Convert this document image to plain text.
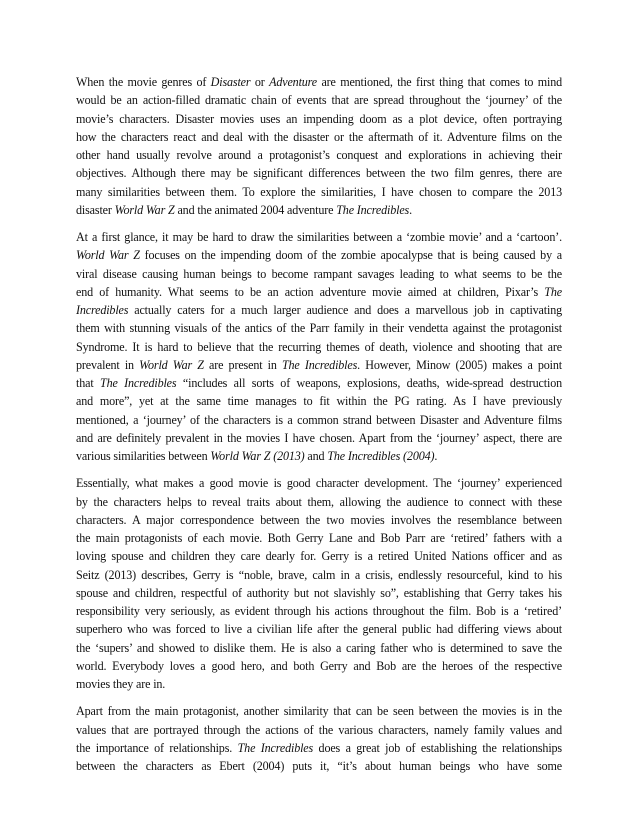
When the movie genres of Disaster or Adventure are mentioned, the first thing that comes to mind
would be an action-filled dramatic chain of events that are spread throughout the ‘journey’ of the
movie’s characters. Disaster movies uses an impending doom as a plot device, often portraying
how the characters react and deal with the disaster or the aftermath of it. Adventure films on the
other hand usually revolve around a protagonist’s conquest and explorations in achieving their
objectives. Although there may be significant differences between the two film genres, there are
many similarities between them. To explore the similarities, I have chosen to compare the 2013
disaster World War Z and the animated 2004 adventure The Incredibles.

At a first glance, it may be hard to draw the similarities between a ‘zombie movie’ and a ‘cartoon’.
World War Z focuses on the impending doom of the zombie apocalypse that is being caused by a
viral disease causing human beings to become rampant savages leading to what seems to be the
end of humanity. What seems to be an action adventure movie aimed at children, Pixar’s The
Incredibles actually caters for a much larger audience and does a marvellous job in captivating
them with stunning visuals of the antics of the Parr family in their vendetta against the protagonist
Syndrome. It is hard to believe that the recurring themes of death, violence and shooting that are
prevalent in World War Z are present in The Incredibles. However, Minow (2005) makes a point
that The Incredibles “includes all sorts of weapons, explosions, deaths, wide-spread destruction
and more”, yet at the same time manages to fit within the PG rating. As I have previously
mentioned, a ‘journey’ of the characters is a common strand between Disaster and Adventure films
and are definitely prevalent in the movies I have chosen. Apart from the ‘journey’ aspect, there are
various similarities between World War Z (2013) and The Incredibles (2004).

Essentially, what makes a good movie is good character development. The ‘journey’ experienced
by the characters helps to reveal traits about them, allowing the audience to connect with these
characters. A major correspondence between the two movies involves the resemblance between
the main protagonists of each movie. Both Gerry Lane and Bob Parr are ‘retired’ fathers with a
loving spouse and children they care dearly for. Gerry is a retired United Nations officer and as
Seitz (2013) describes, Gerry is “noble, brave, calm in a crisis, endlessly resourceful, kind to his
spouse and children, respectful of authority but not slavishly so”, establishing that Gerry takes his
responsibility very seriously, as evident through his actions throughout the film. Bob is a ‘retired’
superhero who was forced to live a civilian life after the general public had differing views about
the ‘supers’ and showed to dislike them. He is also a caring father who is determined to save the
world. Everybody loves a good hero, and both Gerry and Bob are the heroes of the respective
movies they are in.

Apart from the main protagonist, another similarity that can be seen between the movies is in the
values that are portrayed through the actions of the various characters, namely family values and
the importance of relationships. The Incredibles does a great job of establishing the relationships
between the characters as Ebert (2004) puts it, “it’s about human beings who have some
